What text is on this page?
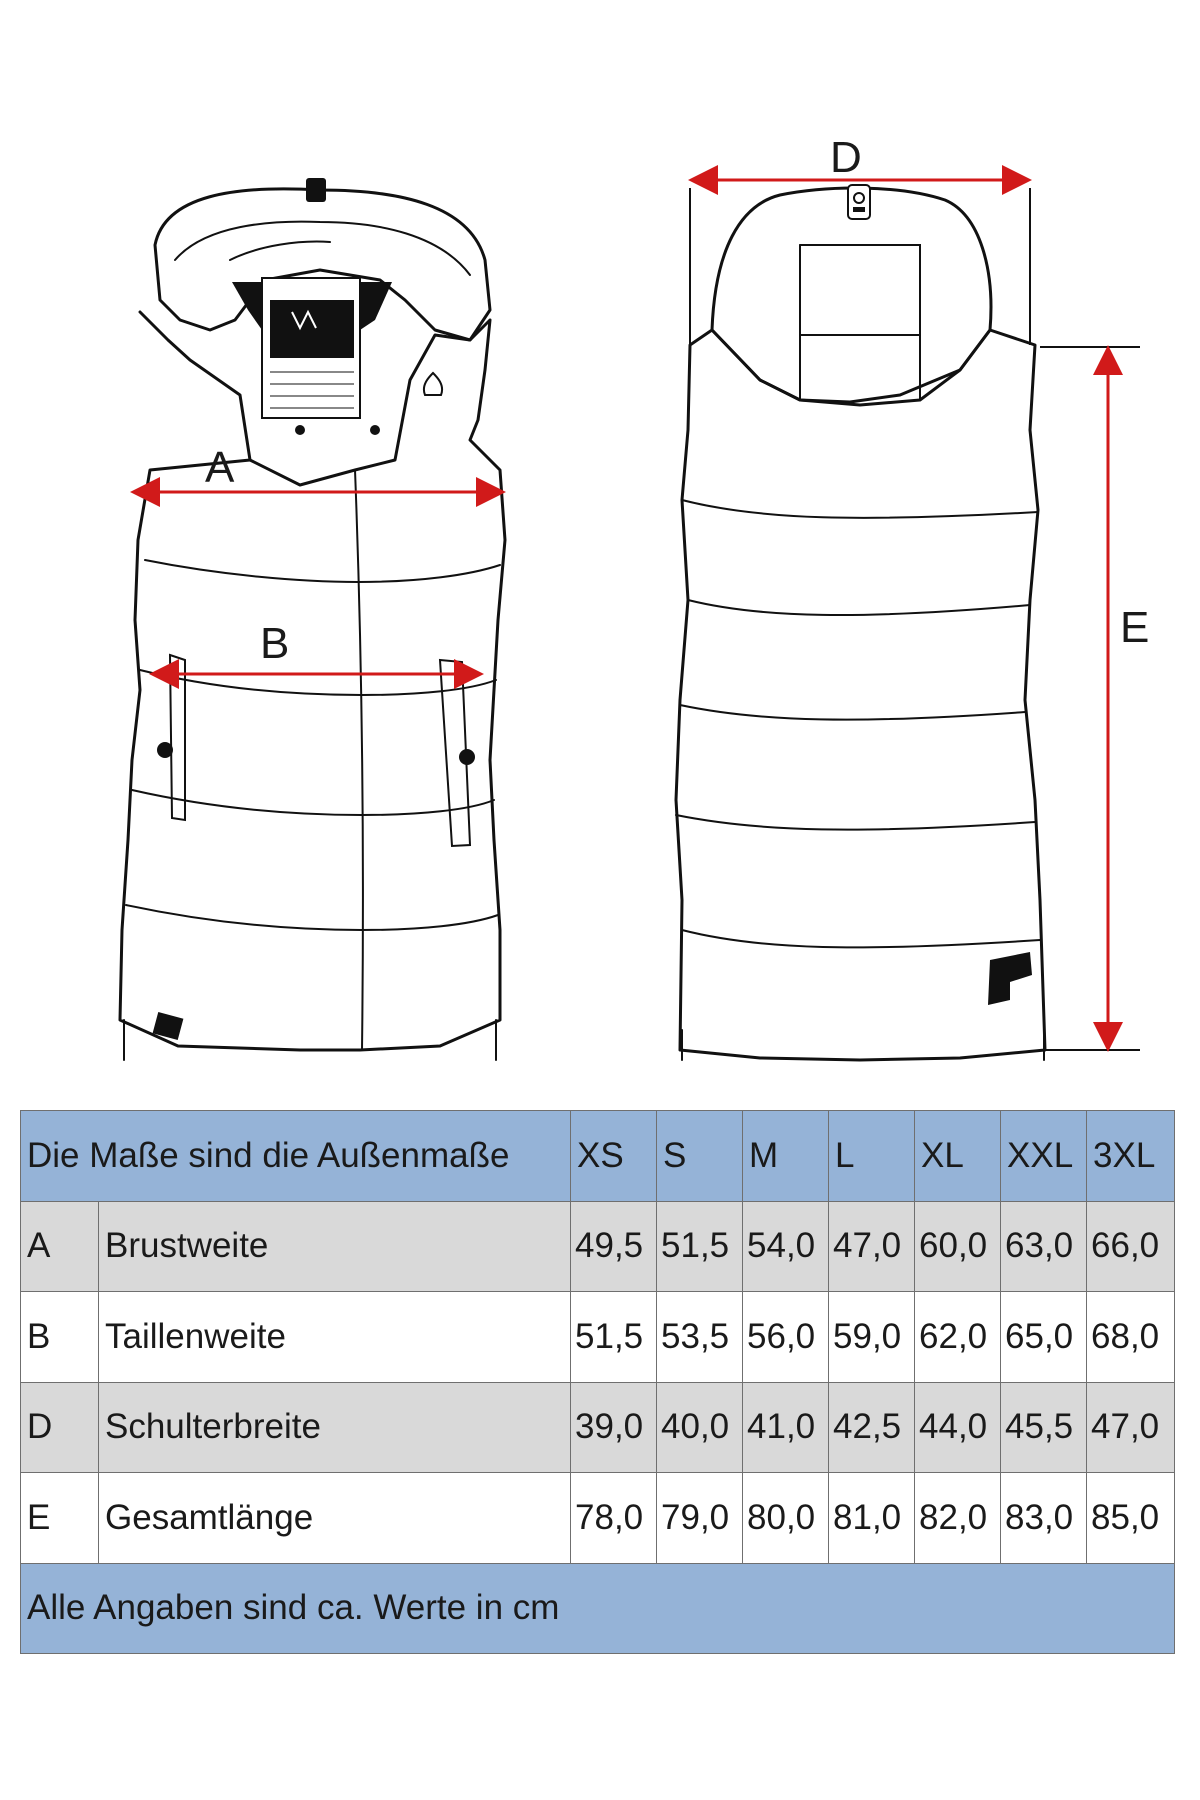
A
B
D
E
Die Maße sind die Außenmaße		XS	S	M	L	XL	XXL	3XL
A	Brustweite	49,5	51,5	54,0	47,0	60,0	63,0	66,0
B	Taillenweite	51,5	53,5	56,0	59,0	62,0	65,0	68,0
D	Schulterbreite	39,0	40,0	41,0	42,5	44,0	45,5	47,0
E	Gesamtlänge	78,0	79,0	80,0	81,0	82,0	83,0	85,0
Alle Angaben sind ca. Werte in cm								
